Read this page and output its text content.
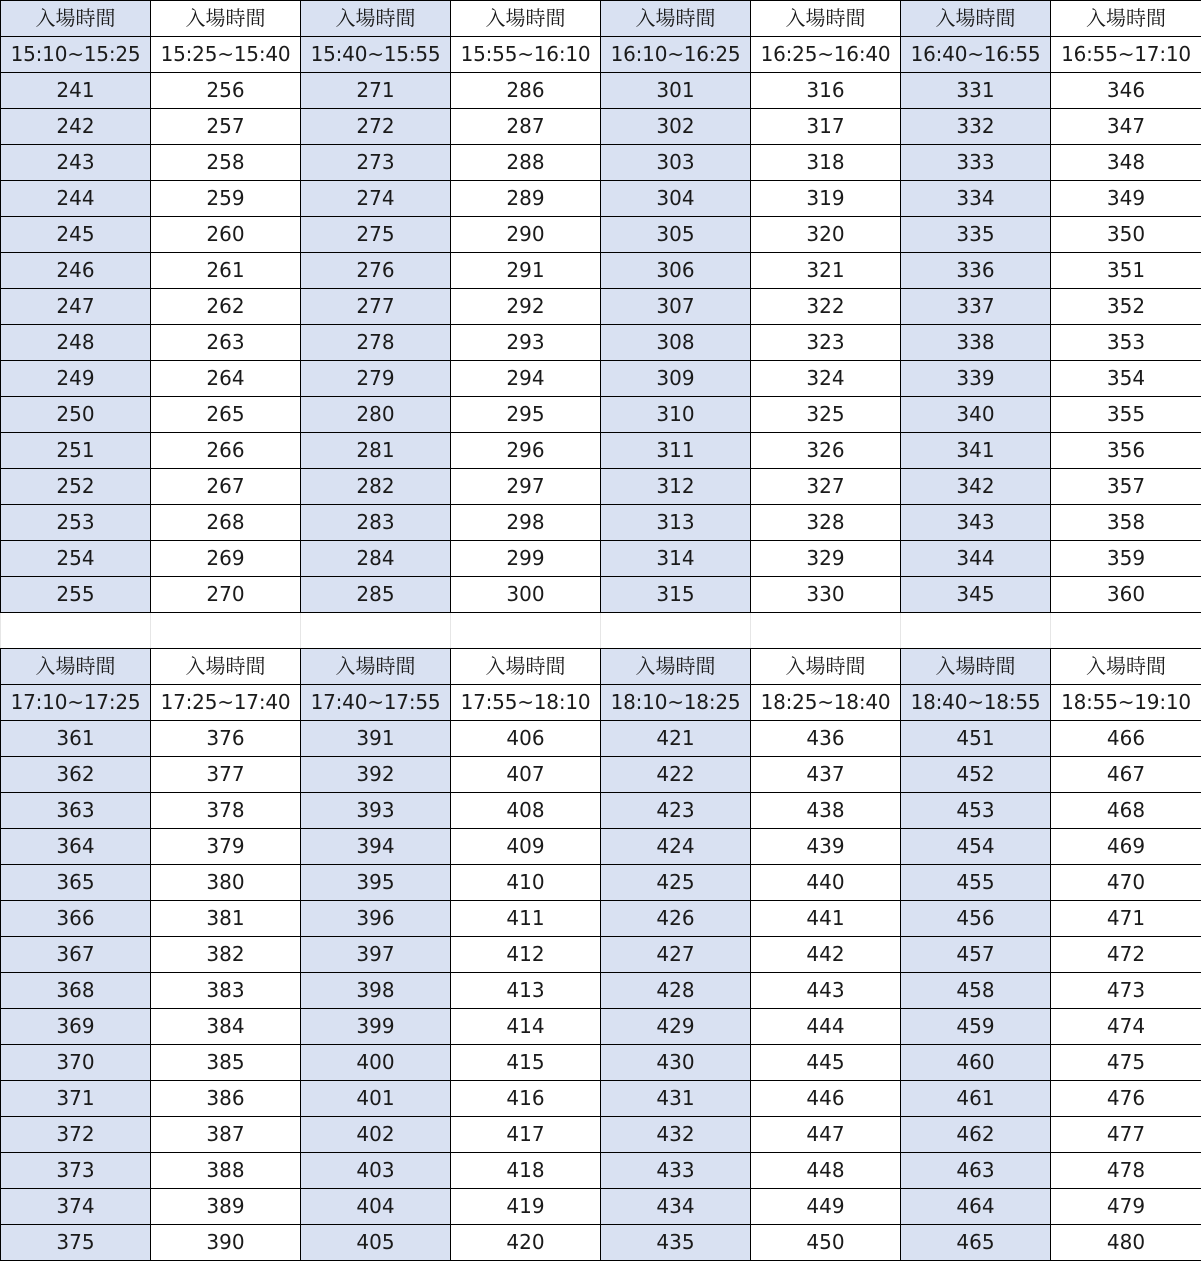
入場時間	入場時間	入場時間	入場時間	入場時間	入場時間	入場時間	入場時間
15:10~15:25	15:25~15:40	15:40~15:55	15:55~16:10	16:10~16:25	16:25~16:40	16:40~16:55	16:55~17:10
241	256	271	286	301	316	331	346
242	257	272	287	302	317	332	347
243	258	273	288	303	318	333	348
244	259	274	289	304	319	334	349
245	260	275	290	305	320	335	350
246	261	276	291	306	321	336	351
247	262	277	292	307	322	337	352
248	263	278	293	308	323	338	353
249	264	279	294	309	324	339	354
250	265	280	295	310	325	340	355
251	266	281	296	311	326	341	356
252	267	282	297	312	327	342	357
253	268	283	298	313	328	343	358
254	269	284	299	314	329	344	359
255	270	285	300	315	330	345	360

入場時間	入場時間	入場時間	入場時間	入場時間	入場時間	入場時間	入場時間
17:10~17:25	17:25~17:40	17:40~17:55	17:55~18:10	18:10~18:25	18:25~18:40	18:40~18:55	18:55~19:10
361	376	391	406	421	436	451	466
362	377	392	407	422	437	452	467
363	378	393	408	423	438	453	468
364	379	394	409	424	439	454	469
365	380	395	410	425	440	455	470
366	381	396	411	426	441	456	471
367	382	397	412	427	442	457	472
368	383	398	413	428	443	458	473
369	384	399	414	429	444	459	474
370	385	400	415	430	445	460	475
371	386	401	416	431	446	461	476
372	387	402	417	432	447	462	477
373	388	403	418	433	448	463	478
374	389	404	419	434	449	464	479
375	390	405	420	435	450	465	480
